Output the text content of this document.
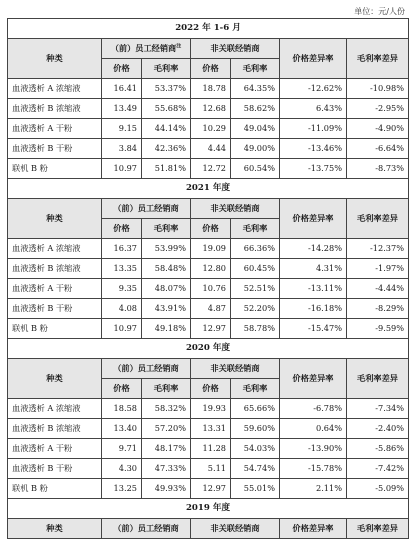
单位：元/人份
2022 年 1-6 月						
种类	（前）员工经销商$^注$		非关联经销商		价格差异率	毛利率差异
	价格	毛利率	价格	毛利率		
血液透析 A 浓缩液	16.41	53.37%	18.78	64.35%	-12.62%	-10.98%
血液透析 B 浓缩液	13.49	55.68%	12.68	58.62%	6.43%	-2.95%
血液透析 A 干粉	9.15	44.14%	10.29	49.04%	-11.09%	-4.90%
血液透析 B 干粉	3.84	42.36%	4.44	49.00%	-13.46%	-6.64%
联机 B 粉	10.97	51.81%	12.72	60.54%	-13.75%	-8.73%
2021 年度						
种类	（前）员工经销商		非关联经销商		价格差异率	毛利率差异
	价格	毛利率	价格	毛利率		
血液透析 A 浓缩液	16.37	53.99%	19.09	66.36%	-14.28%	-12.37%
血液透析 B 浓缩液	13.35	58.48%	12.80	60.45%	4.31%	-1.97%
血液透析 A 干粉	9.35	48.07%	10.76	52.51%	-13.11%	-4.44%
血液透析 B 干粉	4.08	43.91%	4.87	52.20%	-16.18%	-8.29%
联机 B 粉	10.97	49.18%	12.97	58.78%	-15.47%	-9.59%
2020 年度						
种类	（前）员工经销商		非关联经销商		价格差异率	毛利率差异
	价格	毛利率	价格	毛利率		
血液透析 A 浓缩液	18.58	58.32%	19.93	65.66%	-6.78%	-7.34%
血液透析 B 浓缩液	13.40	57.20%	13.31	59.60%	0.64%	-2.40%
血液透析 A 干粉	9.71	48.17%	11.28	54.03%	-13.90%	-5.86%
血液透析 B 干粉	4.30	47.33%	5.11	54.74%	-15.78%	-7.42%
联机 B 粉	13.25	49.93%	12.97	55.01%	2.11%	-5.09%
2019 年度						
种类	（前）员工经销商		非关联经销商		价格差异率	毛利率差异
